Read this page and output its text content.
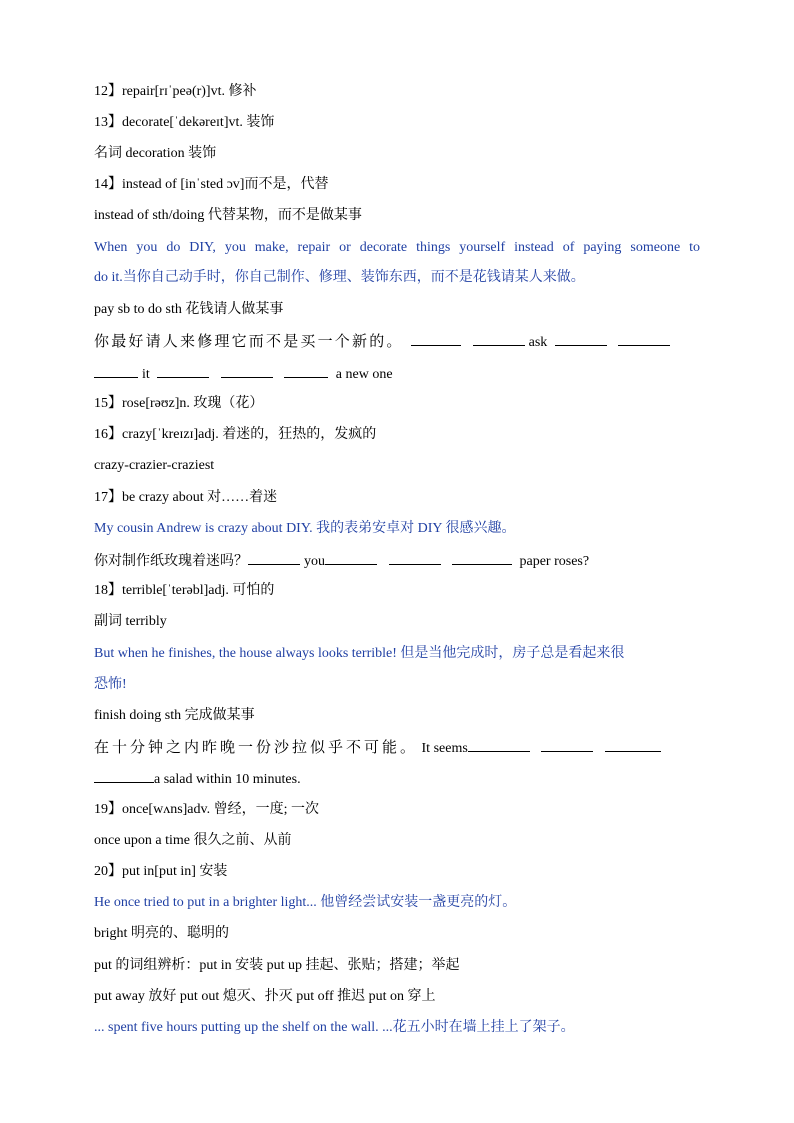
12】repair[rɪˈpeə(r)]vt. 修补
13】decorate[ˈdekəreɪt]vt. 装饰
名词 decoration 装饰
14】instead of [inˈsted ɔv]而不是，代替
instead of sth/doing 代替某物，而不是做某事
When you do DIY, you make, repair or decorate things yourself instead of paying someone to
do it.当你自己动手时，你自己制作、修理、装饰东西，而不是花钱请某人来做。
pay sb to do sth 花钱请人做某事
你最好请人来修理它而不是买一个新的。	ask
it	a new one
15】rose[rəʊz]n. 玫瑰（花）
16】crazy[ˈkreɪzɪ]adj. 着迷的，狂热的，发疯的
crazy-crazier-craziest
17】be crazy about 对……着迷
My cousin Andrew is crazy about DIY. 我的表弟安卓对 DIY 很感兴趣。
你对制作纸玫瑰着迷吗？	you	paper roses?
18】terrible[ˈterəbl]adj. 可怕的
副词 terribly
But when he finishes, the house always looks terrible! 但是当他完成时，房子总是看起来很
恐怖!
finish doing sth 完成做某事
在十分钟之内昨晚一份沙拉似乎不可能。 It seems
a salad within 10 minutes.
19】once[wʌns]adv. 曾经，一度; 一次
once upon a time 很久之前、从前
20】put in[put in] 安装
He once tried to put in a brighter light... 他曾经尝试安装一盏更亮的灯。
bright 明亮的、聪明的
put 的词组辨析：put in 安装 put up 挂起、张贴；搭建；举起
put away 放好 put out 熄灭、扑灭 put off 推迟 put on 穿上
... spent five hours putting up the shelf on the wall. ...花五小时在墙上挂上了架子。
